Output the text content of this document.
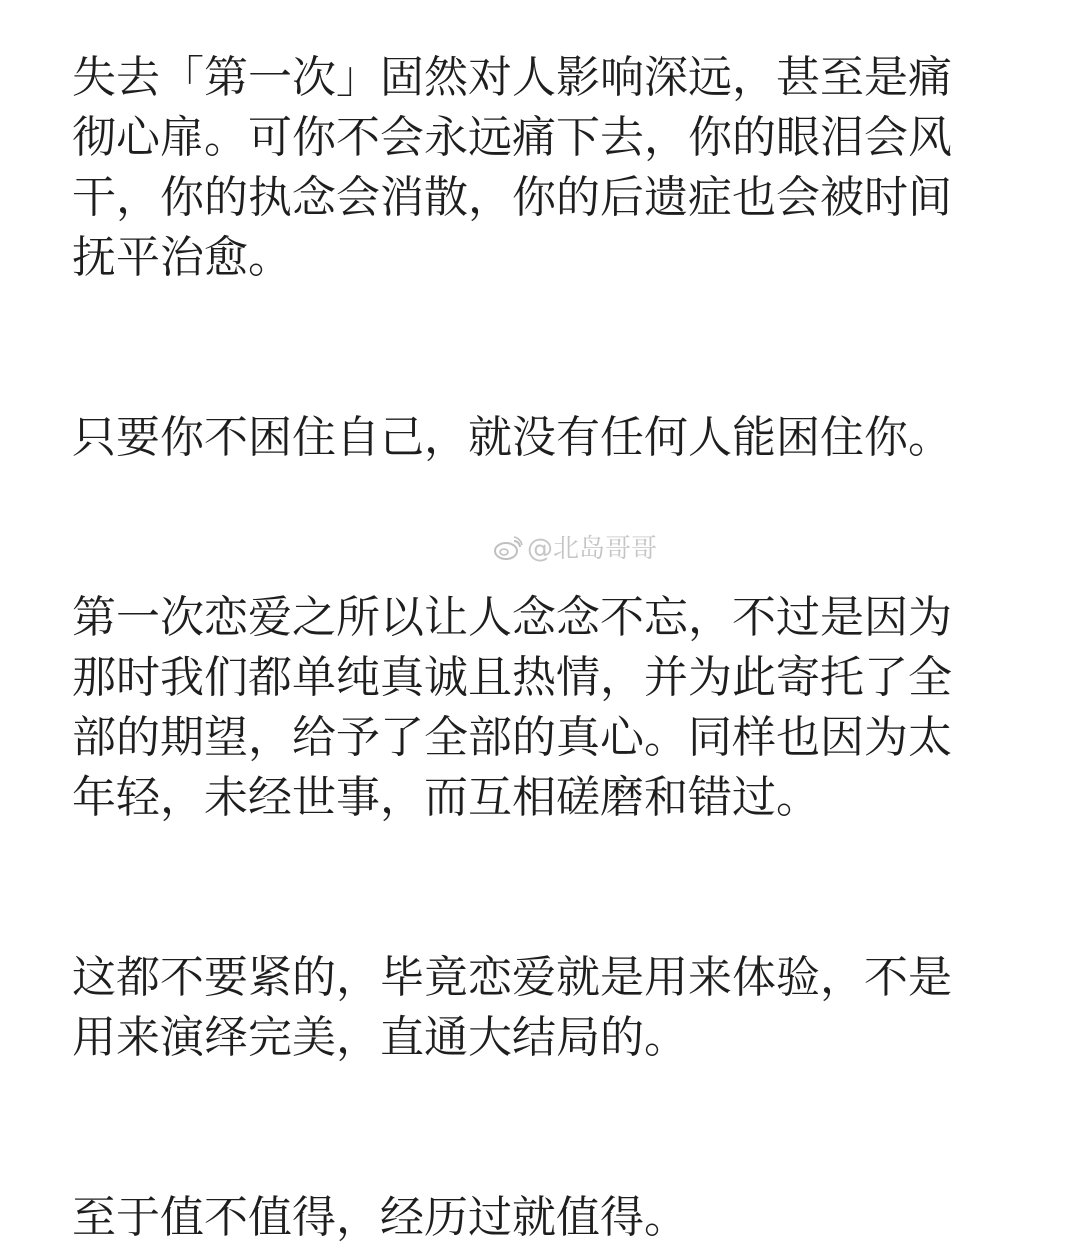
失去「第一次」固然对人影响深远，甚至是痛
彻心扉。可你不会永远痛下去，你的眼泪会风
干，你的执念会消散，你的后遗症也会被时间
抚平治愈。
只要你不困住自己，就没有任何人能困住你。
第一次恋爱之所以让人念念不忘，不过是因为
那时我们都单纯真诚且热情，并为此寄托了全
部的期望，给予了全部的真心。同样也因为太
年轻，未经世事，而互相磋磨和错过。
这都不要紧的，毕竟恋爱就是用来体验，不是
用来演绎完美，直通大结局的。
至于值不值得，经历过就值得。
@北岛哥哥
